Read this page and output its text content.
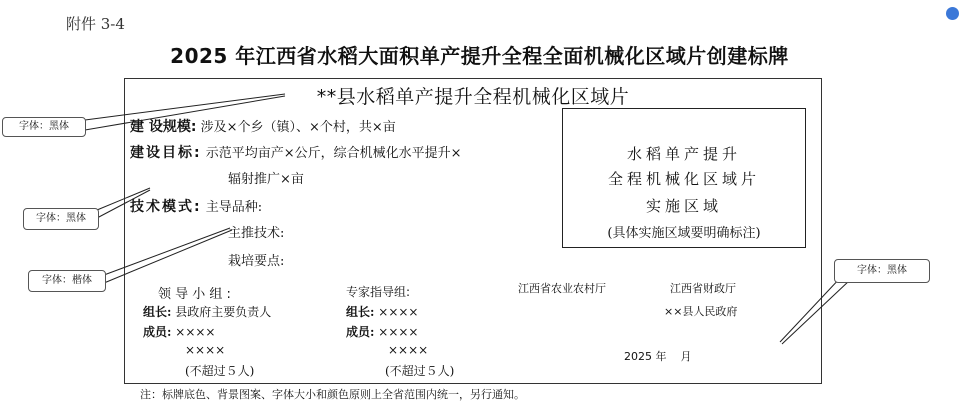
附件 3-4
2025 年江西省水稻大面积单产提升全程全面机械化区域片创建标牌
**县水稻单产提升全程机械化区域片
建 设规模: 涉及×个乡（镇）、×个村，共×亩
建设目标: 示范平均亩产×公斤，综合机械化水平提升×
辐射推广×亩
技术模式: 主导品种:
主推技术:
栽培要点:
水稻单产提升
全程机械化区域片
实施区域
(具体实施区域要明确标注)
领 导 小 组 :
组长: 县政府主要负责人
成员: ××××
××××
(不超过５人)
专家指导组:
组长: ××××
成员: ××××
××××
(不超过５人)
江西省农业农村厅	江西省财政厅
××县人民政府
2025 年    月
字体：黑体
字体：黑体
字体：楷体
字体：黑体
注：标牌底色、背景图案、字体大小和颜色原则上全省范围内统一，另行通知。
